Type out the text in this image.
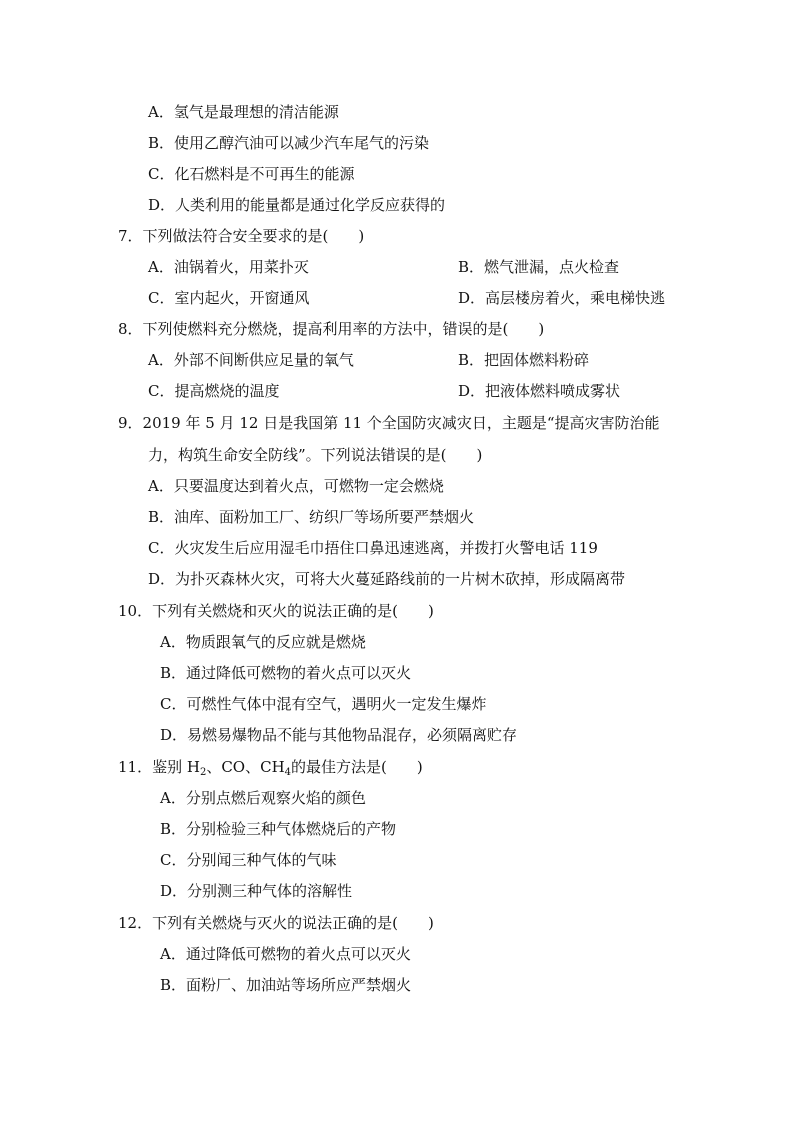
A．氢气是最理想的清洁能源
B．使用乙醇汽油可以减少汽车尾气的污染
C．化石燃料是不可再生的能源
D．人类利用的能量都是通过化学反应获得的
7．下列做法符合安全要求的是(　　)
A．油锅着火，用菜扑灭	B．燃气泄漏，点火检查
C．室内起火，开窗通风	D．高层楼房着火，乘电梯快逃
8．下列使燃料充分燃烧，提高利用率的方法中，错误的是(　　)
A．外部不间断供应足量的氧气	B．把固体燃料粉碎
C．提高燃烧的温度	D．把液体燃料喷成雾状
9．2019 年 5 月 12 日是我国第 11 个全国防灾减灾日，主题是“提高灾害防治能
力，构筑生命安全防线”。下列说法错误的是(　　)
A．只要温度达到着火点，可燃物一定会燃烧
B．油库、面粉加工厂、纺织厂等场所要严禁烟火
C．火灾发生后应用湿毛巾捂住口鼻迅速逃离，并拨打火警电话 119
D．为扑灭森林火灾，可将大火蔓延路线前的一片树木砍掉，形成隔离带
10．下列有关燃烧和灭火的说法正确的是(　　)
A．物质跟氧气的反应就是燃烧
B．通过降低可燃物的着火点可以灭火
C．可燃性气体中混有空气，遇明火一定发生爆炸
D．易燃易爆物品不能与其他物品混存，必须隔离贮存
11．鉴别 $H_2$、CO、$CH_4$的最佳方法是(　　)
A．分别点燃后观察火焰的颜色
B．分别检验三种气体燃烧后的产物
C．分别闻三种气体的气味
D．分别测三种气体的溶解性
12．下列有关燃烧与灭火的说法正确的是(　　)
A．通过降低可燃物的着火点可以灭火
B．面粉厂、加油站等场所应严禁烟火
